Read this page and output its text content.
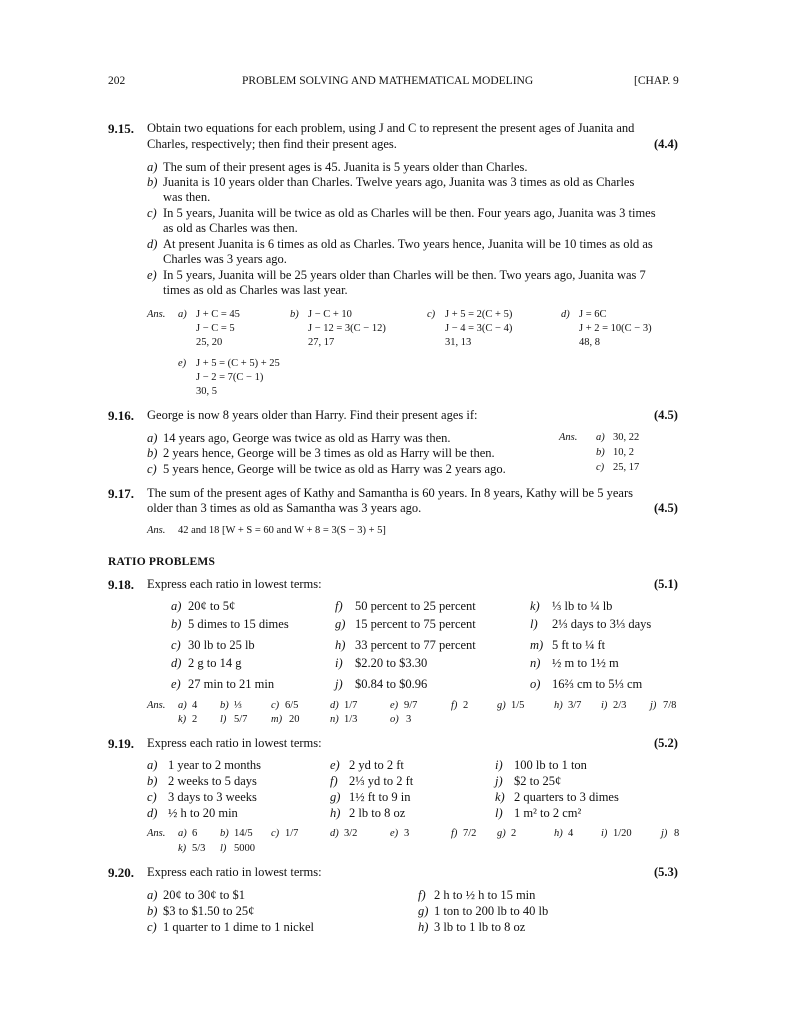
202	PROBLEM SOLVING AND MATHEMATICAL MODELING	[CHAP. 9
9.15. Obtain two equations for each problem, using J and C to represent the present ages of Juanita and
Charles, respectively; then find their present ages.	(4.4)
a) The sum of their present ages is 45. Juanita is 5 years older than Charles.
b) Juanita is 10 years older than Charles. Twelve years ago, Juanita was 3 times as old as Charles
was then.
c) In 5 years, Juanita will be twice as old as Charles will be then. Four years ago, Juanita was 3 times
as old as Charles was then.
d) At present Juanita is 6 times as old as Charles. Two years hence, Juanita will be 10 times as old as
Charles was 3 years ago.
e) In 5 years, Juanita will be 25 years older than Charles will be then. Two years ago, Juanita was 7
times as old as Charles was last year.
Ans. a) J + C = 45
J − C = 5
25, 20
b) J − C + 10
J − 12 = 3(C − 12)
27, 17
c) J + 5 = 2(C + 5)
J − 4 = 3(C − 4)
31, 13
d) J = 6C
J + 2 = 10(C − 3)
48, 8
e) J + 5 = (C + 5) + 25
J − 2 = 7(C − 1)
30, 5
9.16. George is now 8 years older than Harry. Find their present ages if:	(4.5)
a) 14 years ago, George was twice as old as Harry was then.
b) 2 years hence, George will be 3 times as old as Harry will be then.
c) 5 years hence, George will be twice as old as Harry was 2 years ago.
Ans. a) 30, 22
b) 10, 2
c) 25, 17
9.17. The sum of the present ages of Kathy and Samantha is 60 years. In 8 years, Kathy will be 5 years
older than 3 times as old as Samantha was 3 years ago.	(4.5)
Ans. 42 and 18 [W + S = 60 and W + 8 = 3(S − 3) + 5]
RATIO PROBLEMS
9.18. Express each ratio in lowest terms:	(5.1)
a) 20¢ to 5¢
b) 5 dimes to 15 dimes
c) 30 lb to 25 lb
d) 2 g to 14 g
e) 27 min to 21 min
f) 50 percent to 25 percent
g) 15 percent to 75 percent
h) 33 percent to 77 percent
i) $2.20 to $3.30
j) $0.84 to $0.96
k) ⅓ lb to ¼ lb
l) 2⅓ days to 3⅓ days
m) 5 ft to ¼ ft
n) ½ m to 1½ m
o) 16⅔ cm to 5⅓ cm
Ans. a) 4 b) ⅓	c) 6/5	d) 1/7	e) 9/7	f) 2	g) 1/5	h) 3/7 i) 2/3 j) 7/8
k) 2 l) 5/7 m) 20	n) 1/3	o) 3
9.19. Express each ratio in lowest terms:	(5.2)
a) 1 year to 2 months
b) 2 weeks to 5 days
c) 3 days to 3 weeks
d) ½ h to 20 min
e) 2 yd to 2 ft
f) 2⅓ yd to 2 ft
g) 1½ ft to 9 in
h) 2 lb to 8 oz
i) 100 lb to 1 ton
j) $2 to 25¢
k) 2 quarters to 3 dimes
l) 1 m² to 2 cm²
Ans. a) 6 b) 14/5 c) 1/7	d) 3/2	e) 3	f) 7/2 g) 2	h) 4	i) 1/20	j) 8
k) 5/3 l) 5000
9.20. Express each ratio in lowest terms:	(5.3)
a) 20¢ to 30¢ to $1
b) $3 to $1.50 to 25¢
c) 1 quarter to 1 dime to 1 nickel
f) 2 h to ½ h to 15 min
g) 1 ton to 200 lb to 40 lb
h) 3 lb to 1 lb to 8 oz
